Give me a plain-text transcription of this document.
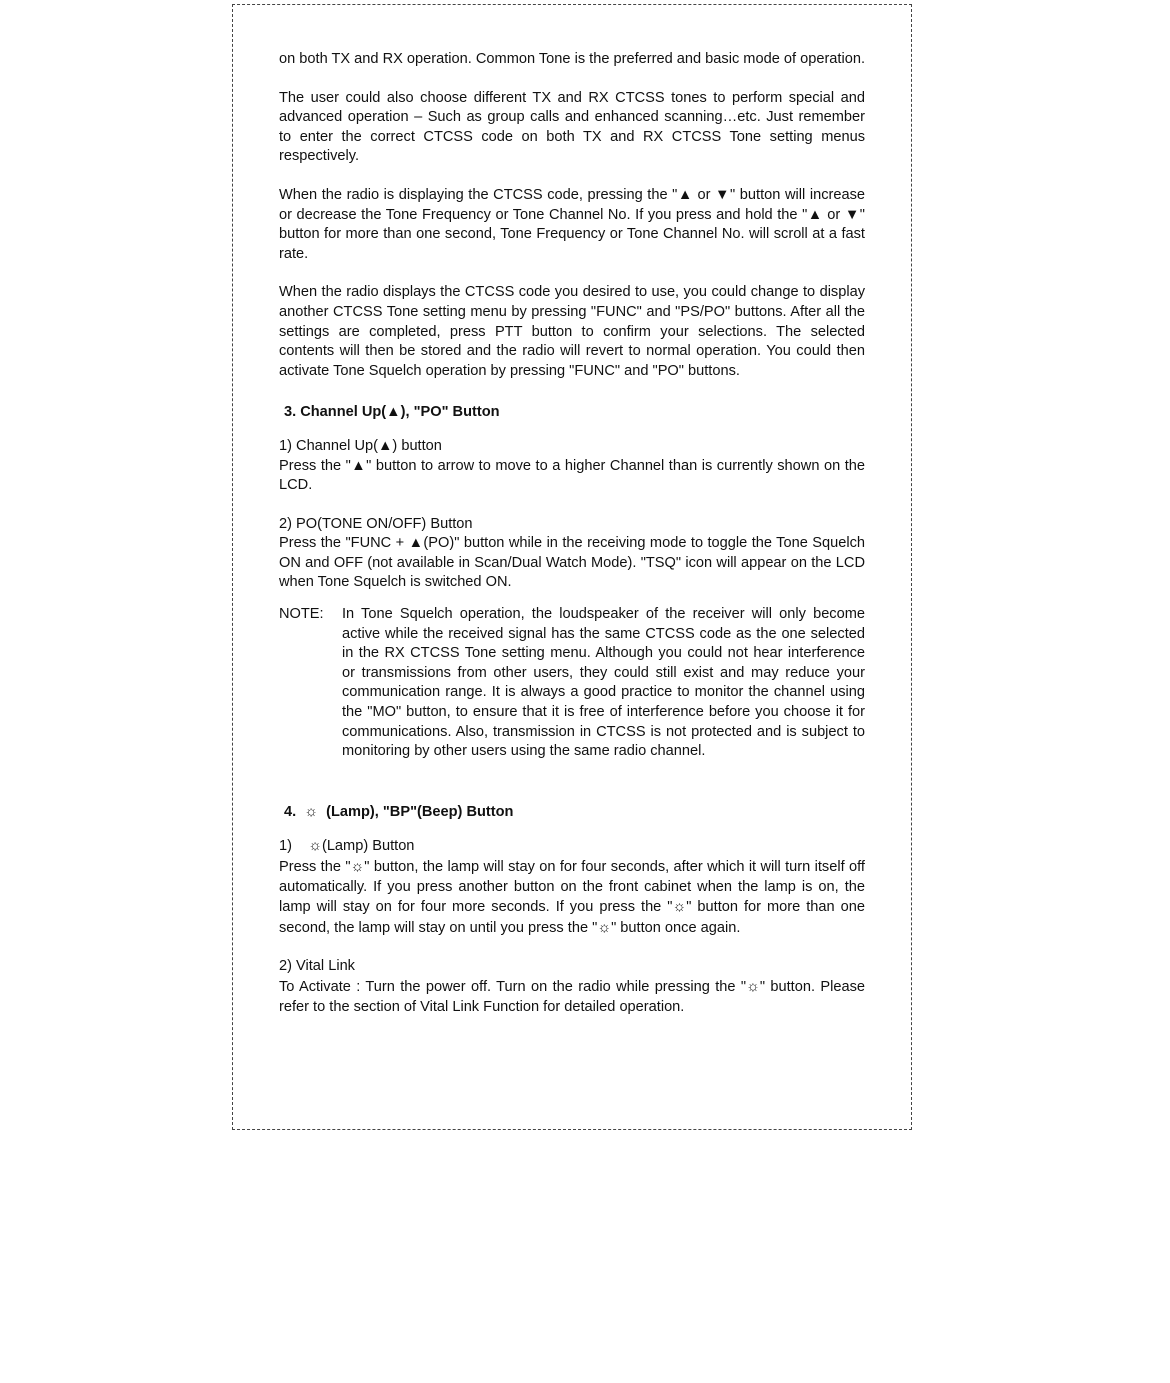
on both TX and RX operation. Common Tone is the preferred and basic mode of operation.

The user could also choose different TX and RX CTCSS tones to perform special and advanced operation – Such as group calls and enhanced scanning…etc. Just remember to enter the correct CTCSS code on both TX and RX CTCSS Tone setting menus respectively.

When the radio is displaying the CTCSS code, pressing the "▲ or ▼" button will increase or decrease the Tone Frequency or Tone Channel No. If you press and hold the "▲ or ▼" button for more than one second, Tone Frequency or Tone Channel No. will scroll at a fast rate.

When the radio displays the CTCSS code you desired to use, you could change to display another CTCSS Tone setting menu by pressing "FUNC" and "PS/PO" buttons. After all the settings are completed, press PTT button to confirm your selections. The selected contents will then be stored and the radio will revert to normal operation. You could then activate Tone Squelch operation by pressing "FUNC" and "PO" buttons.

3. Channel Up(▲), "PO" Button

1) Channel Up(▲) button

Press the "▲" button to arrow to move to a higher Channel than is currently shown on the LCD.

2) PO(TONE ON/OFF) Button

Press the "FUNC + ▲(PO)" button while in the receiving mode to toggle the Tone Squelch ON and OFF (not available in Scan/Dual Watch Mode). "TSQ" icon will appear on the LCD when Tone Squelch is switched ON.

NOTE:	In Tone Squelch operation, the loudspeaker of the receiver will only become active while the received signal has the same CTCSS code as the one selected in the RX CTCSS Tone setting menu. Although you could not hear interference or transmissions from other users, they could still exist and may reduce your communication range. It is always a good practice to monitor the channel using the "MO" button, to ensure that it is free of interference before you choose it for communications. Also, transmission in CTCSS is not protected and is subject to monitoring by other users using the same radio channel.
4. ☼ (Lamp), "BP"(Beep) Button

1) ☼(Lamp) Button

Press the "☼" button, the lamp will stay on for four seconds, after which it will turn itself off automatically. If you press another button on the front cabinet when the lamp is on, the lamp will stay on for four more seconds. If you press the "☼" button for more than one second, the lamp will stay on until you press the "☼" button once again.

2) Vital Link

To Activate : Turn the power off. Turn on the radio while pressing the "☼" button. Please refer to the section of Vital Link Function for detailed operation.
